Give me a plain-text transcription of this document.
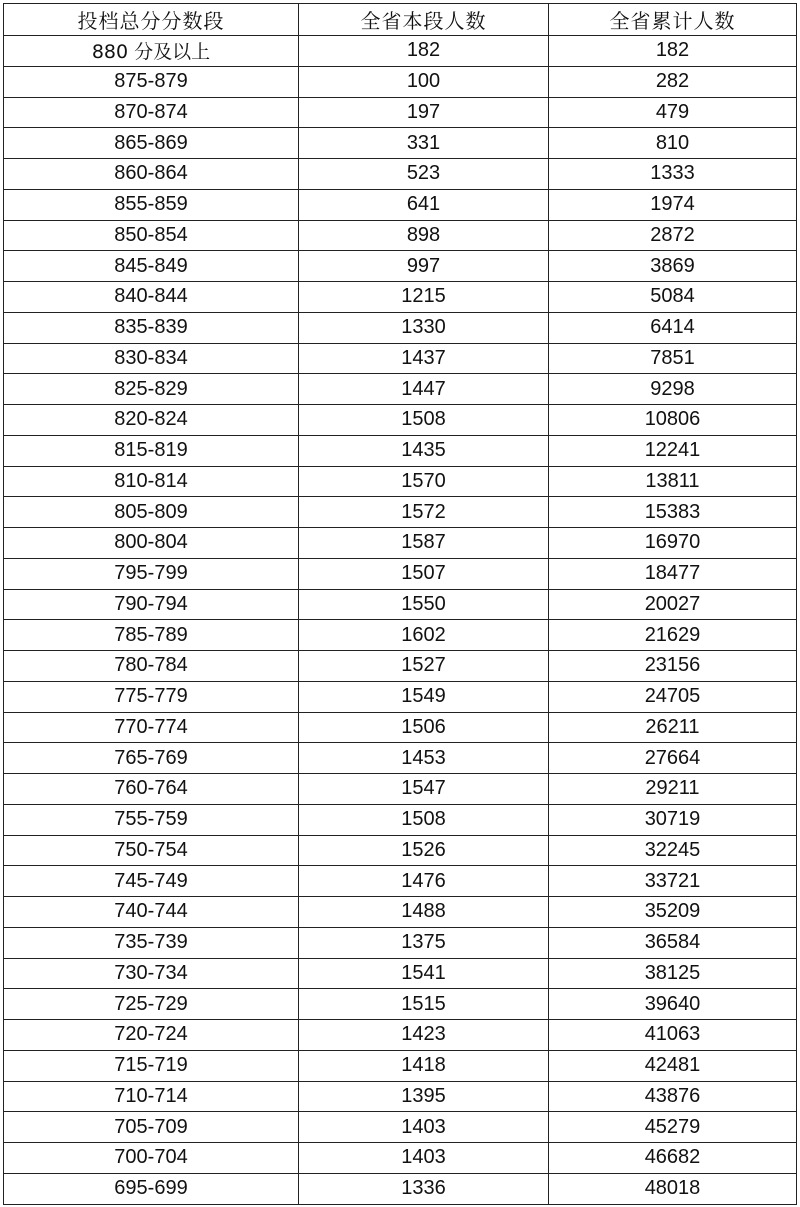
投档总分分数段	全省本段人数	全省累计人数
880 分及以上	182	182
875-879	100	282
870-874	197	479
865-869	331	810
860-864	523	1333
855-859	641	1974
850-854	898	2872
845-849	997	3869
840-844	1215	5084
835-839	1330	6414
830-834	1437	7851
825-829	1447	9298
820-824	1508	10806
815-819	1435	12241
810-814	1570	13811
805-809	1572	15383
800-804	1587	16970
795-799	1507	18477
790-794	1550	20027
785-789	1602	21629
780-784	1527	23156
775-779	1549	24705
770-774	1506	26211
765-769	1453	27664
760-764	1547	29211
755-759	1508	30719
750-754	1526	32245
745-749	1476	33721
740-744	1488	35209
735-739	1375	36584
730-734	1541	38125
725-729	1515	39640
720-724	1423	41063
715-719	1418	42481
710-714	1395	43876
705-709	1403	45279
700-704	1403	46682
695-699	1336	48018
